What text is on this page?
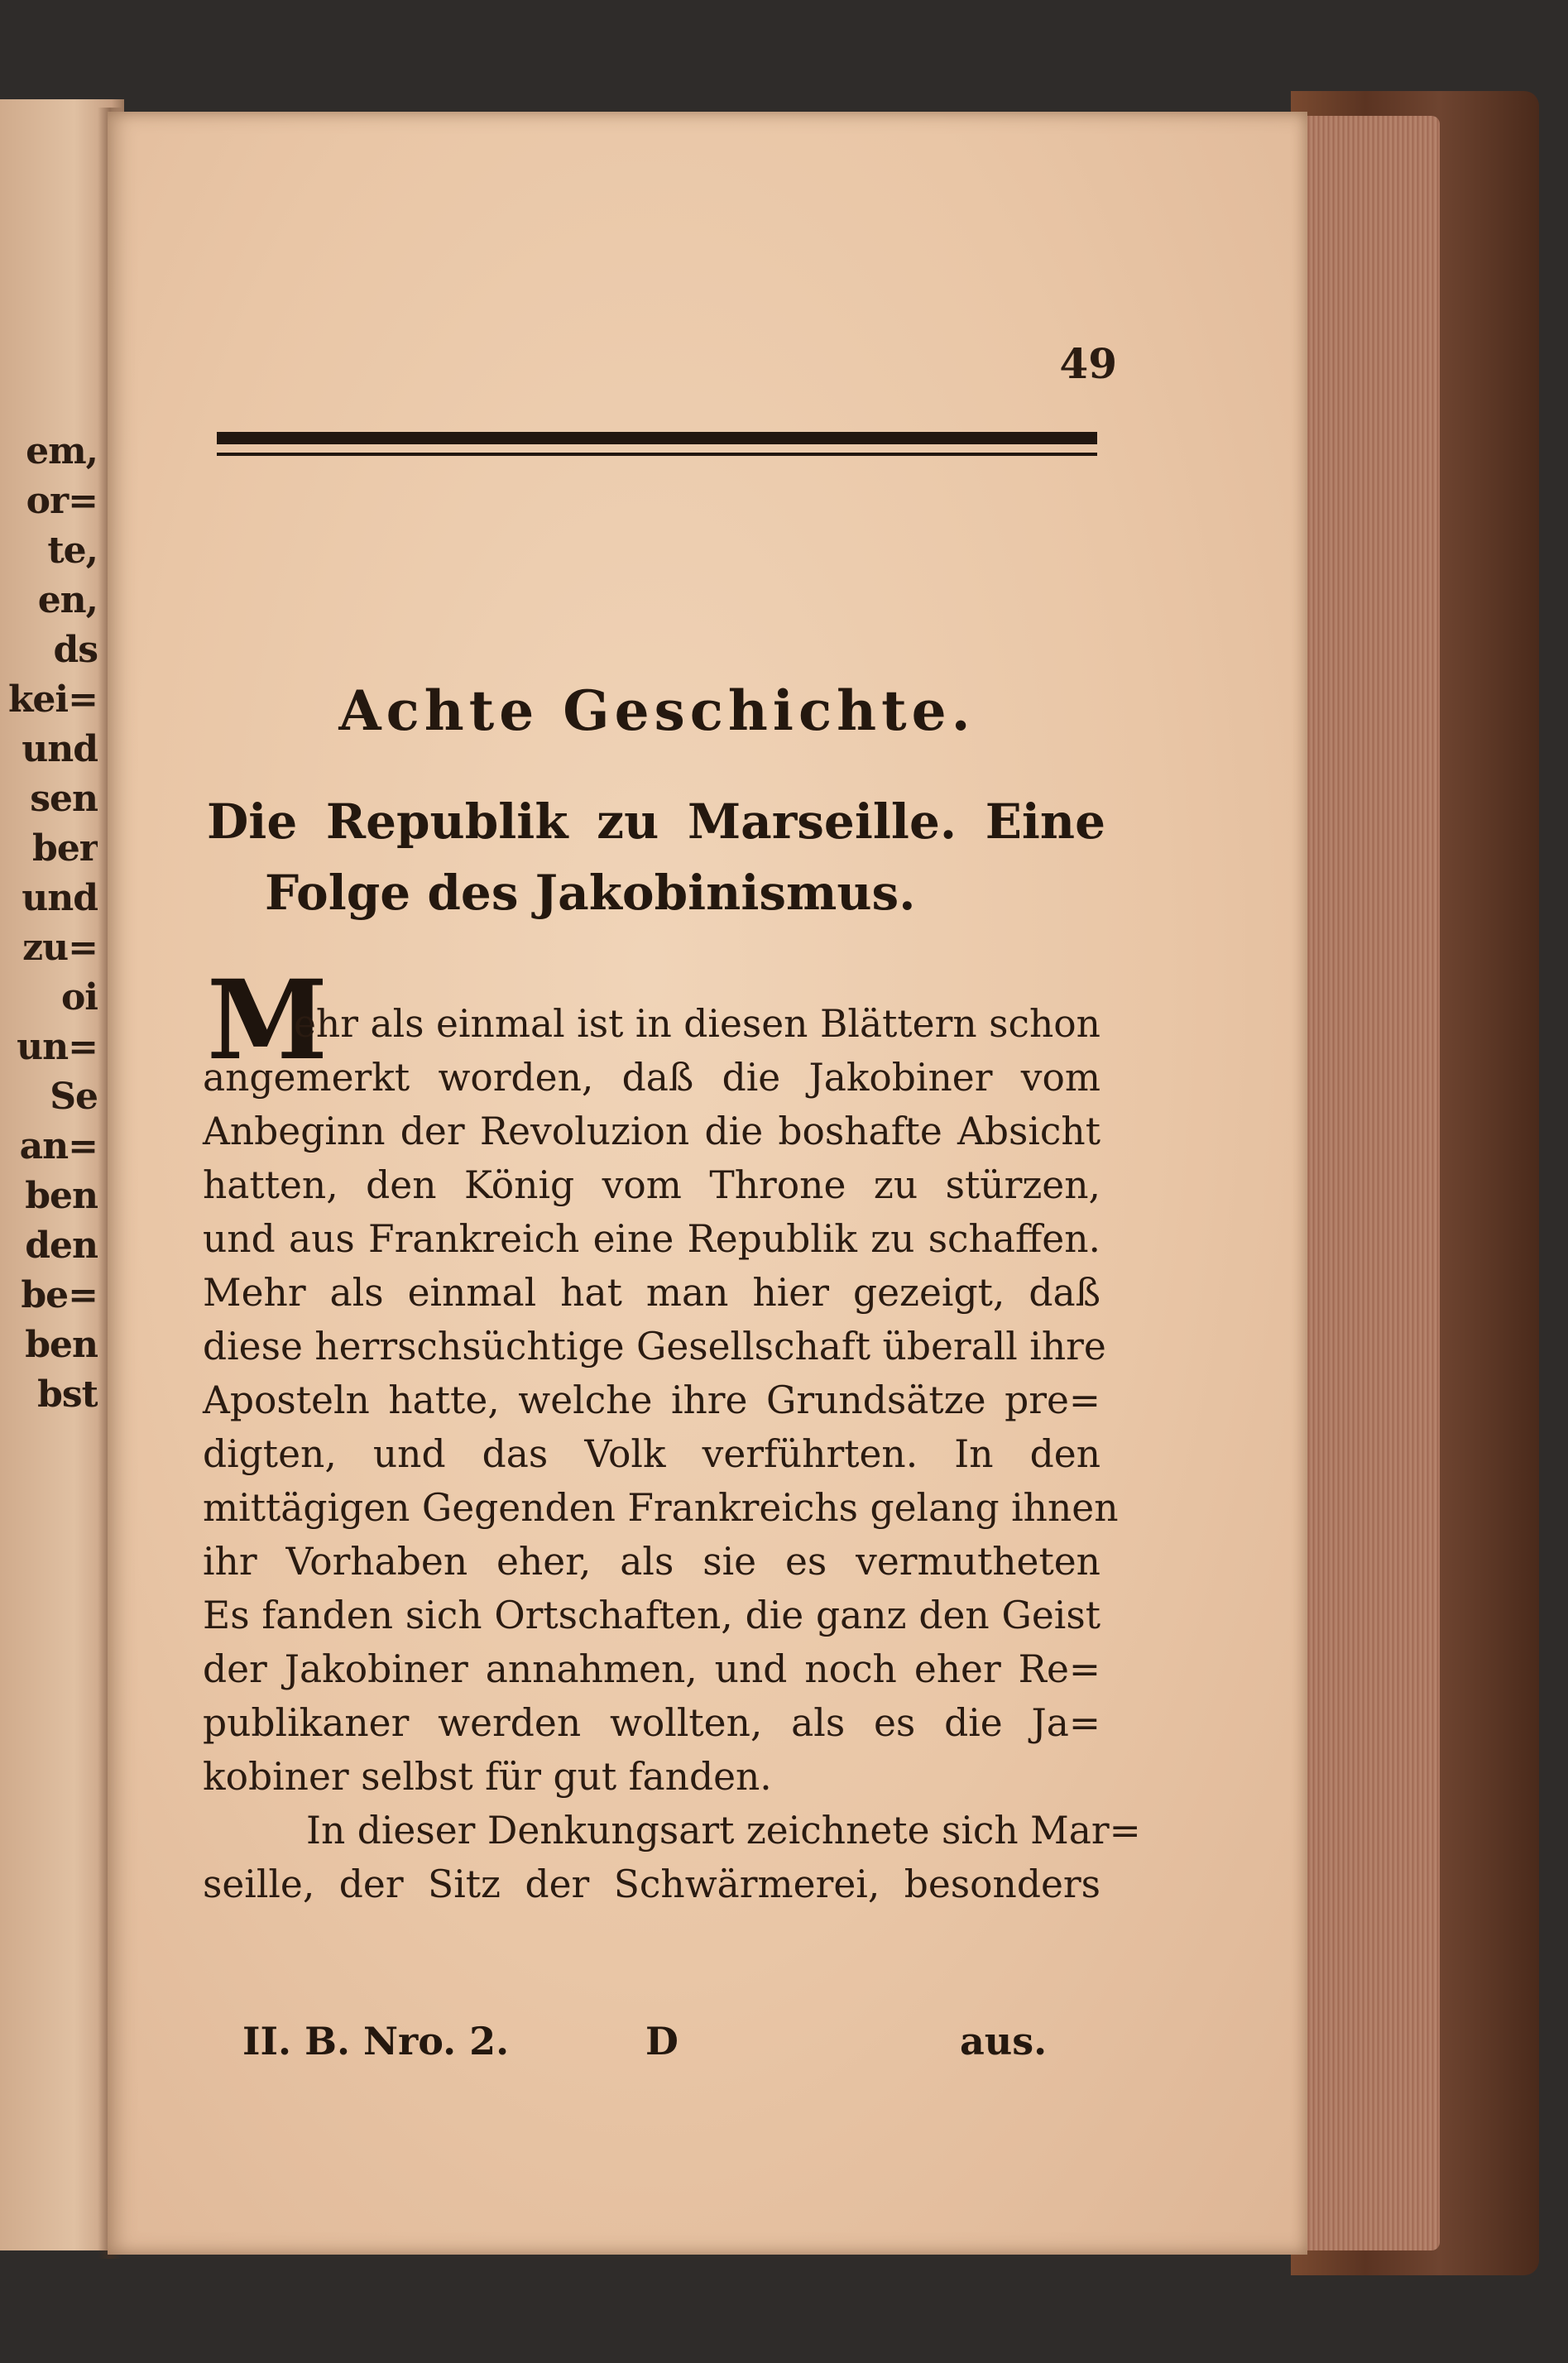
em,
or=
te,
en,
ds
kei=
und
sen
ber
und
zu=
oi
un=
Se
an=
ben
den
be=
ben
bst
49
Achte Geschichte.
Die Republik zu Marseille. Eine
Folge des Jakobinismus.
M
ehr als einmal ist in diesen Blättern schon
angemerkt worden, daß die Jakobiner vom
Anbeginn der Revoluzion die boshafte Absicht
hatten, den König vom Throne zu stürzen,
und aus Frankreich eine Republik zu schaffen.
Mehr als einmal hat man hier gezeigt, daß
diese herrschsüchtige Gesellschaft überall ihre
Aposteln hatte, welche ihre Grundsätze pre=
digten, und das Volk verführten. In den
mittägigen Gegenden Frankreichs gelang ihnen
ihr Vorhaben eher, als sie es vermutheten
Es fanden sich Ortschaften, die ganz den Geist
der Jakobiner annahmen, und noch eher Re=
publikaner werden wollten, als es die Ja=
kobiner selbst für gut fanden.
In dieser Denkungsart zeichnete sich Mar=
seille, der Sitz der Schwärmerei, besonders
II. B. Nro. 2.	D	aus.
